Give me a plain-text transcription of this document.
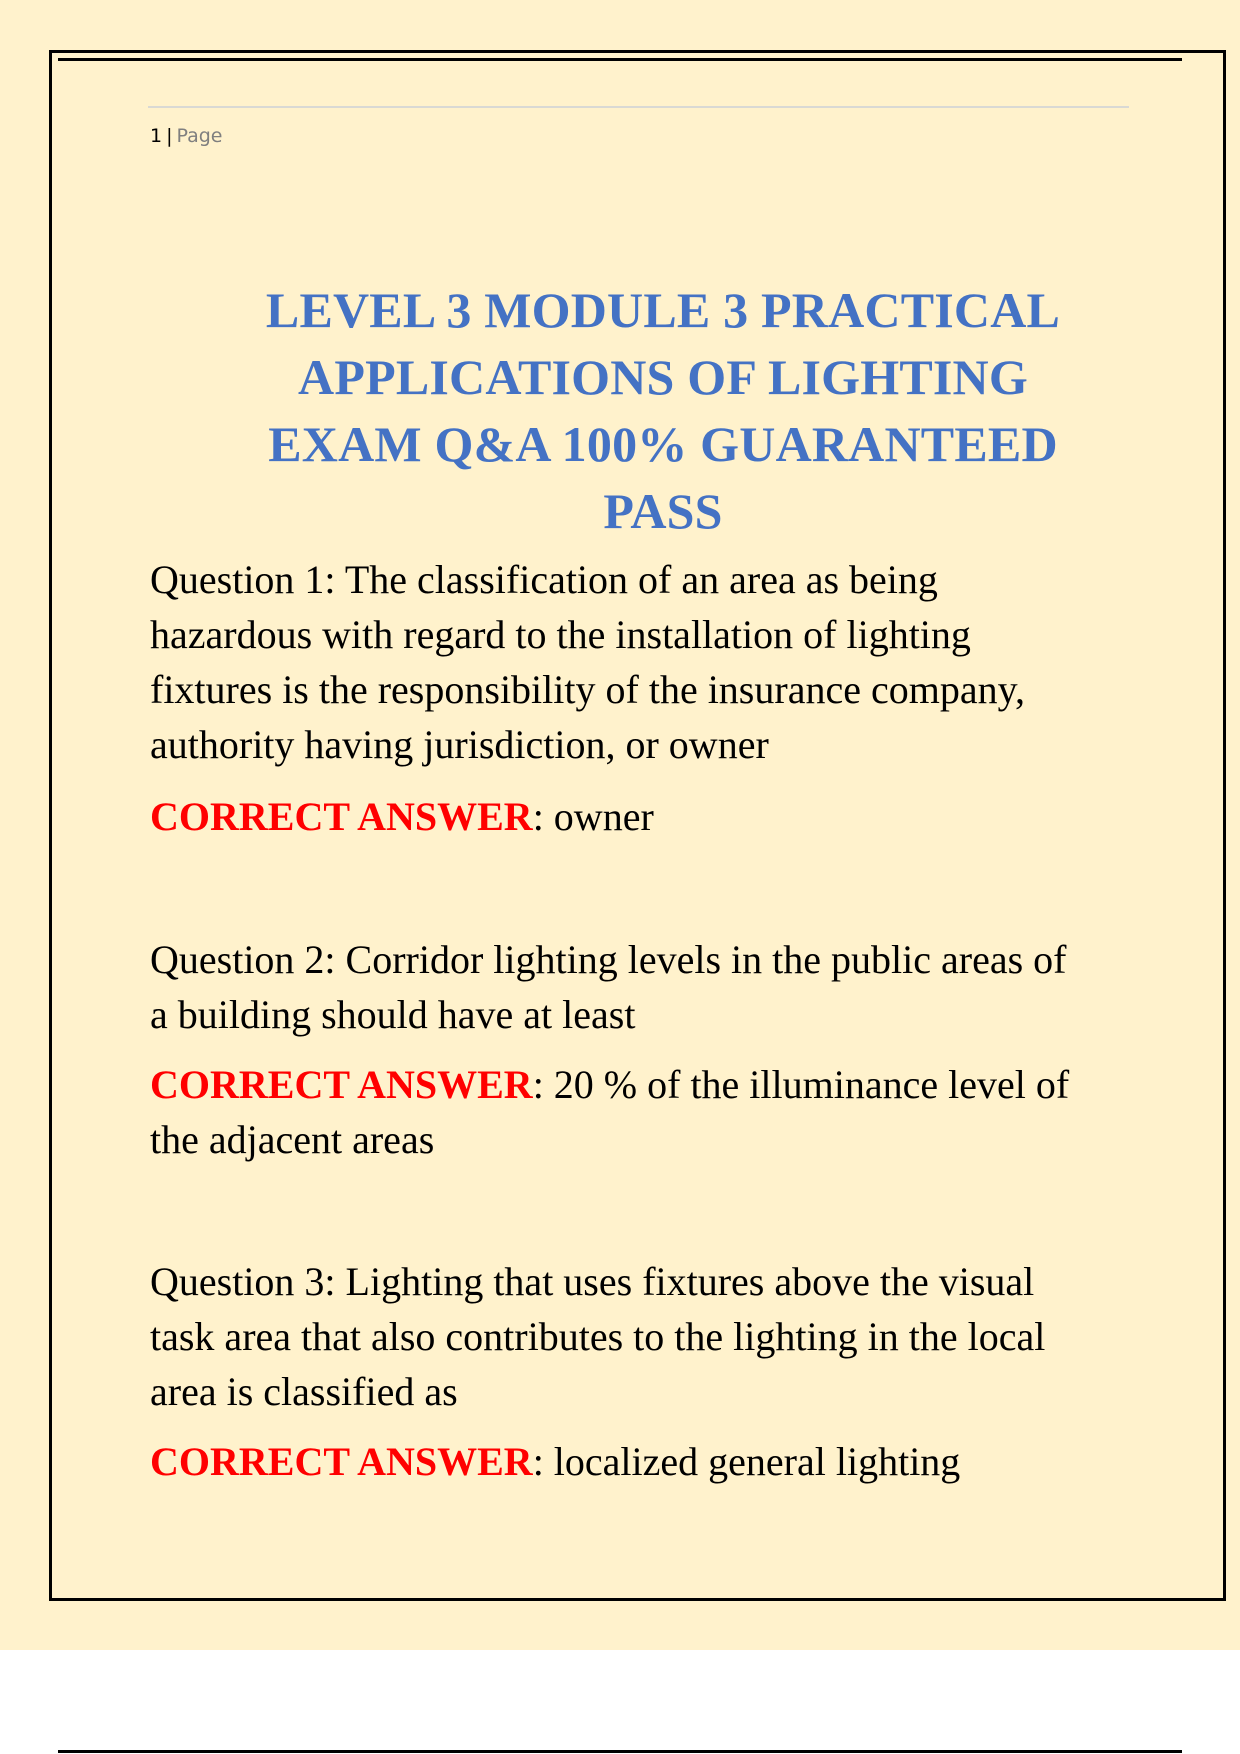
1 | Page
LEVEL 3 MODULE 3 PRACTICAL
APPLICATIONS OF LIGHTING
EXAM Q&A 100% GUARANTEED
PASS
Question 1: The classification of an area as being
hazardous with regard to the installation of lighting
fixtures is the responsibility of the insurance company,
authority having jurisdiction, or owner
CORRECT ANSWER: owner
Question 2: Corridor lighting levels in the public areas of
a building should have at least
CORRECT ANSWER: 20 % of the illuminance level of
the adjacent areas
Question 3: Lighting that uses fixtures above the visual
task area that also contributes to the lighting in the local
area is classified as
CORRECT ANSWER: localized general lighting
